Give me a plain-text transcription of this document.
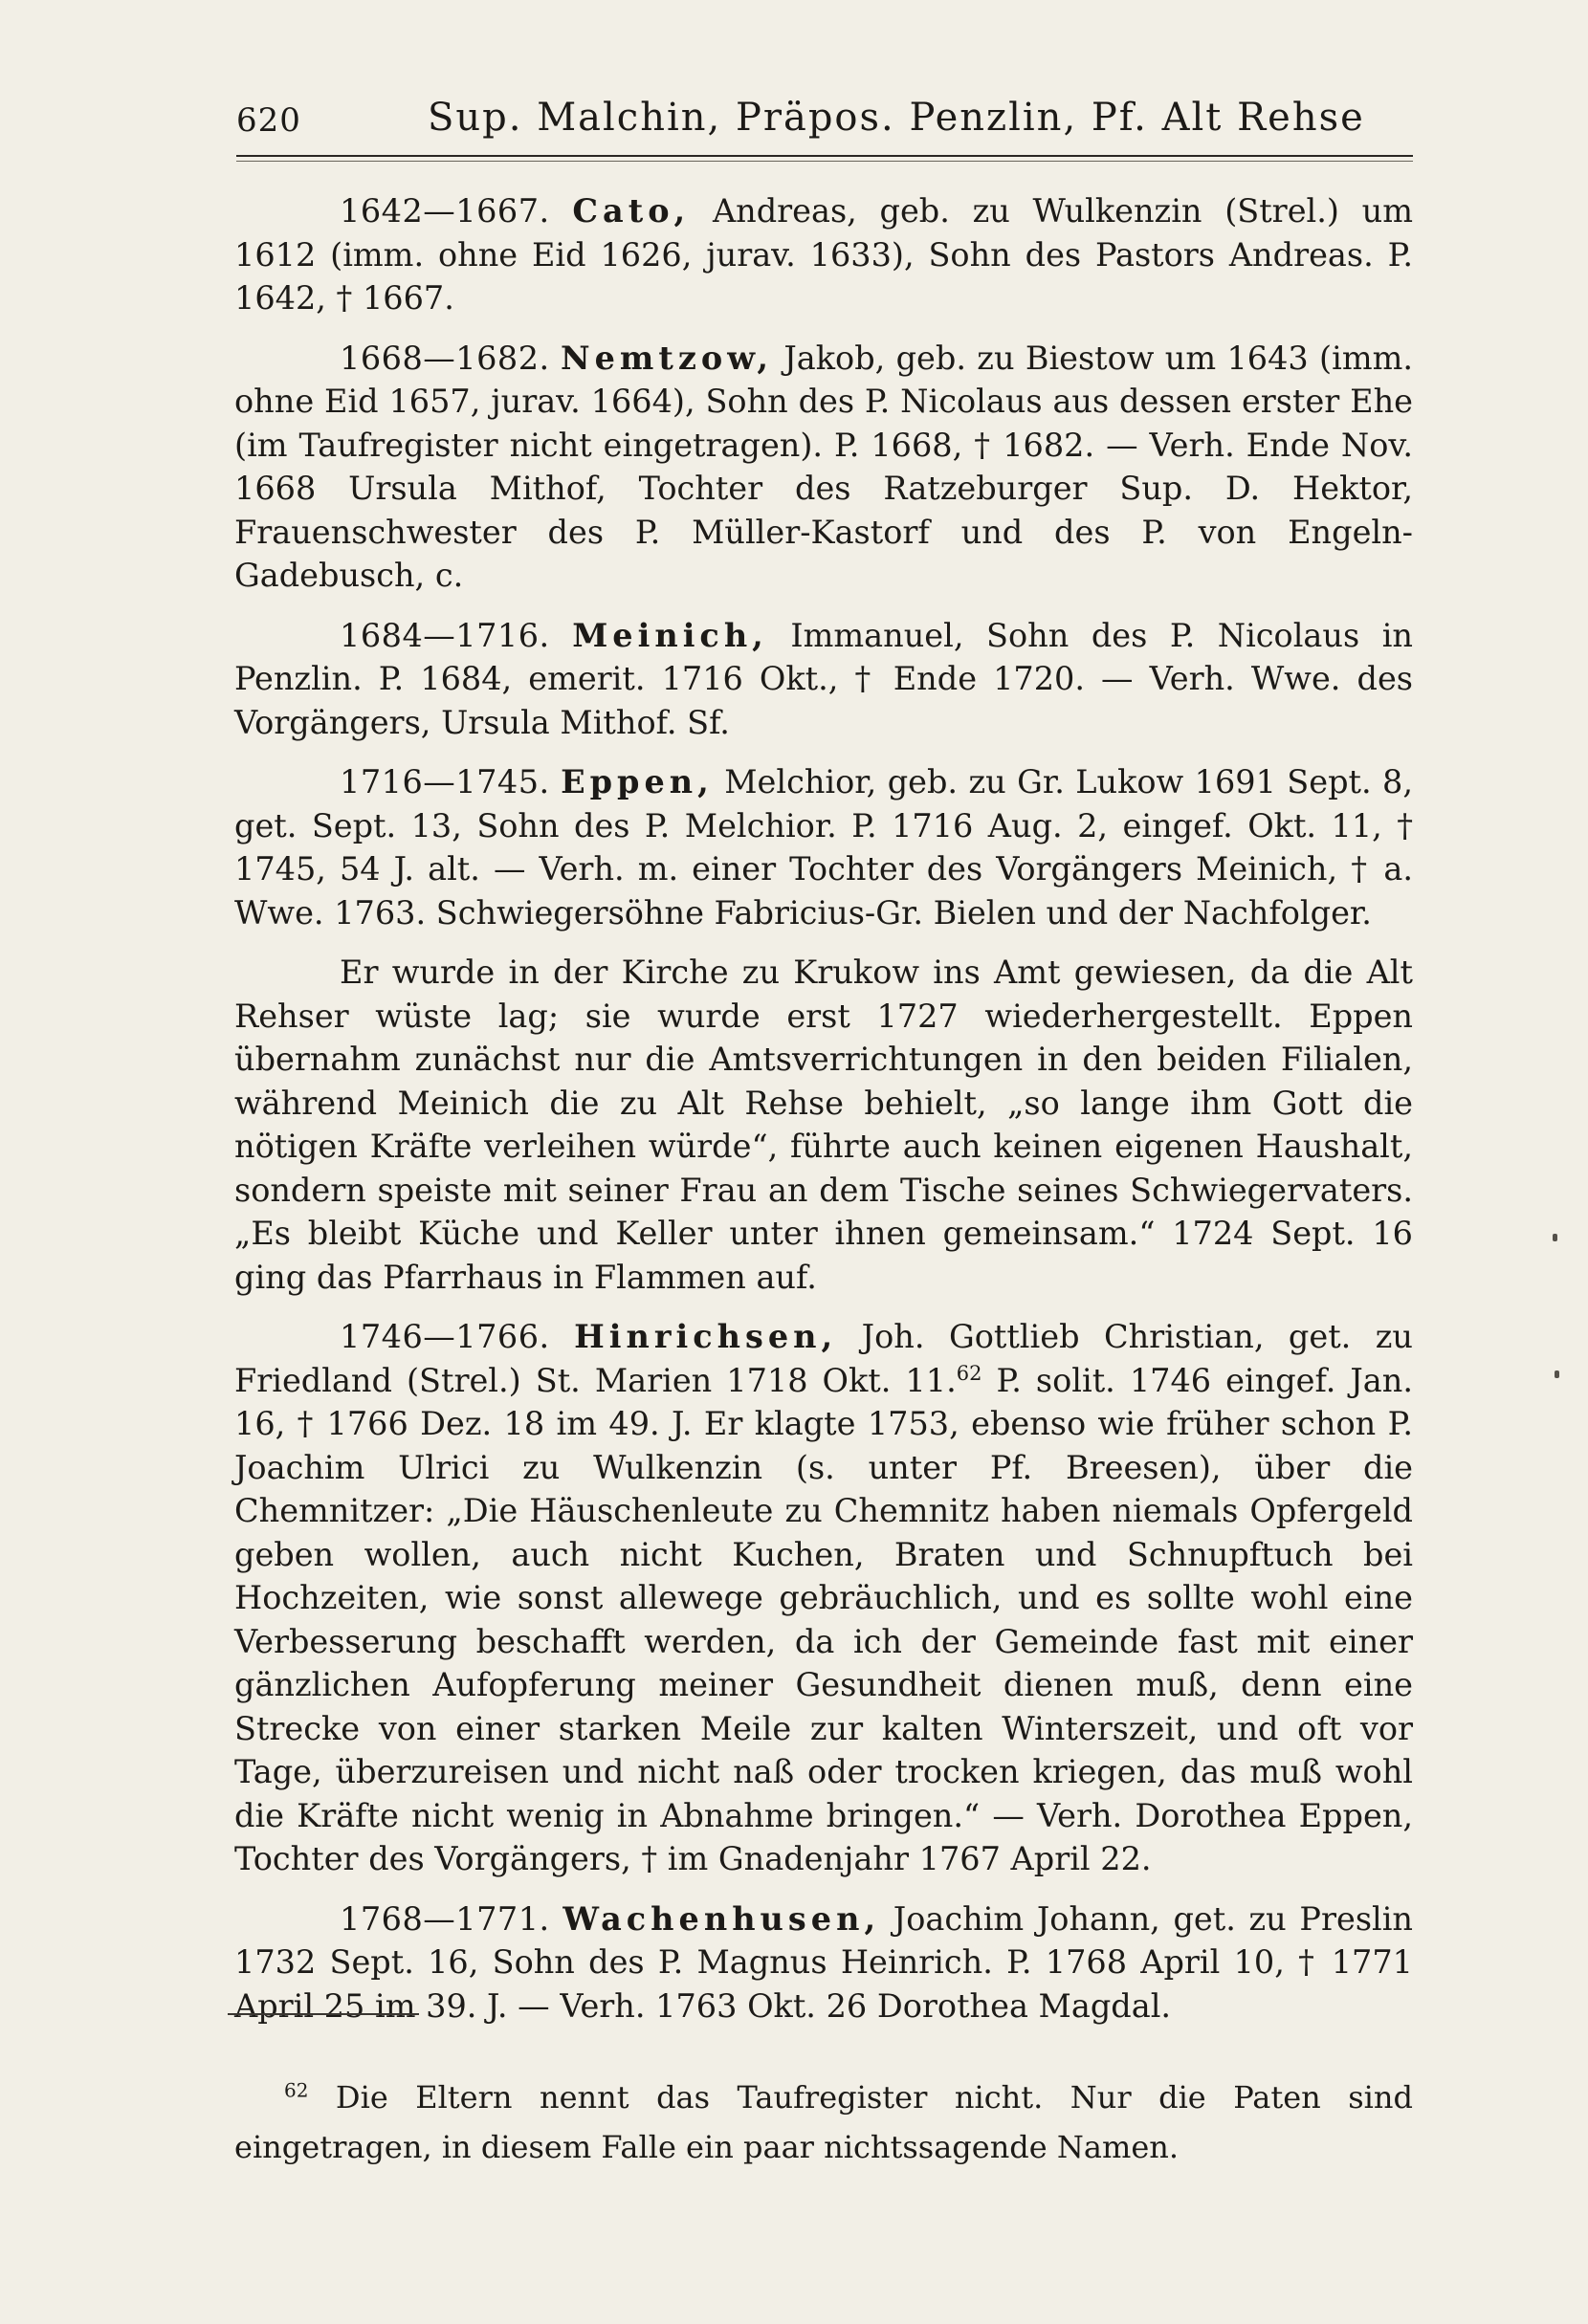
620	Sup. Malchin, Präpos. Penzlin, Pf. Alt Rehse

1642—1667. Cato, Andreas, geb. zu Wulkenzin (Strel.) um 1612 (imm. ohne Eid 1626, jurav. 1633), Sohn des Pastors Andreas. P. 1642, † 1667.

1668—1682. Nemtzow, Jakob, geb. zu Biestow um 1643 (imm. ohne Eid 1657, jurav. 1664), Sohn des P. Nicolaus aus dessen erster Ehe (im Taufregister nicht eingetragen). P. 1668, † 1682. — Verh. Ende Nov. 1668 Ursula Mithof, Tochter des Ratzeburger Sup. D. Hektor, Frauenschwester des P. Müller-Kastorf und des P. von Engeln-Gadebusch, c.

1684—1716. Meinich, Immanuel, Sohn des P. Nicolaus in Penzlin. P. 1684, emerit. 1716 Okt., † Ende 1720. — Verh. Wwe. des Vorgängers, Ursula Mithof. Sf.

1716—1745. Eppen, Melchior, geb. zu Gr. Lukow 1691 Sept. 8, get. Sept. 13, Sohn des P. Melchior. P. 1716 Aug. 2, eingef. Okt. 11, † 1745, 54 J. alt. — Verh. m. einer Tochter des Vorgängers Meinich, † a. Wwe. 1763. Schwiegersöhne Fabricius-Gr. Bielen und der Nachfolger.

Er wurde in der Kirche zu Krukow ins Amt gewiesen, da die Alt Rehser wüste lag; sie wurde erst 1727 wiederhergestellt. Eppen übernahm zunächst nur die Amtsverrichtungen in den beiden Filialen, während Meinich die zu Alt Rehse behielt, „so lange ihm Gott die nötigen Kräfte verleihen würde“, führte auch keinen eigenen Haushalt, sondern speiste mit seiner Frau an dem Tische seines Schwiegervaters. „Es bleibt Küche und Keller unter ihnen gemeinsam.“ 1724 Sept. 16 ging das Pfarrhaus in Flammen auf.

1746—1766. Hinrichsen, Joh. Gottlieb Christian, get. zu Friedland (Strel.) St. Marien 1718 Okt. 11.62 P. solit. 1746 eingef. Jan. 16, † 1766 Dez. 18 im 49. J. Er klagte 1753, ebenso wie früher schon P. Joachim Ulrici zu Wulkenzin (s. unter Pf. Breesen), über die Chemnitzer: „Die Häuschenleute zu Chemnitz haben niemals Opfergeld geben wollen, auch nicht Kuchen, Braten und Schnupftuch bei Hochzeiten, wie sonst allewege gebräuchlich, und es sollte wohl eine Verbesserung beschafft werden, da ich der Gemeinde fast mit einer gänzlichen Aufopferung meiner Gesundheit dienen muß, denn eine Strecke von einer starken Meile zur kalten Winterszeit, und oft vor Tage, überzureisen und nicht naß oder trocken kriegen, das muß wohl die Kräfte nicht wenig in Abnahme bringen.“ — Verh. Dorothea Eppen, Tochter des Vorgängers, † im Gnadenjahr 1767 April 22.

1768—1771. Wachenhusen, Joachim Johann, get. zu Preslin 1732 Sept. 16, Sohn des P. Magnus Heinrich. P. 1768 April 10, † 1771 April 25 im 39. J. — Verh. 1763 Okt. 26 Dorothea Magdal.

$^{62}$ Die Eltern nennt das Taufregister nicht. Nur die Paten sind eingetragen, in diesem Falle ein paar nichtssagende Namen.
